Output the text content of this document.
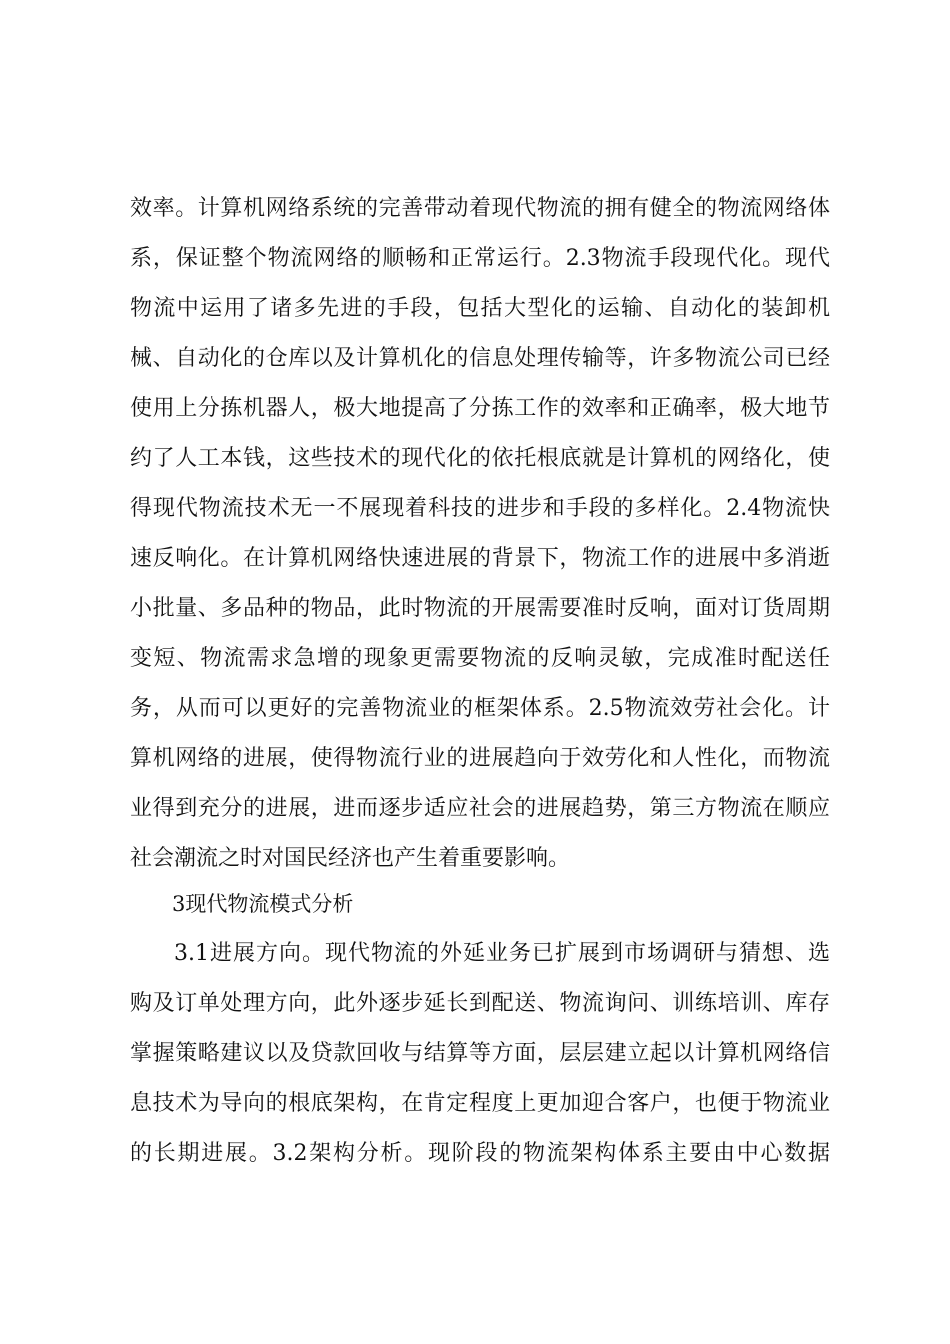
效率。计算机网络系统的完善带动着现代物流的拥有健全的物流网络体
系，保证整个物流网络的顺畅和正常运行。2.3物流手段现代化。现代
物流中运用了诸多先进的手段，包括大型化的运输、自动化的装卸机
械、自动化的仓库以及计算机化的信息处理传输等，许多物流公司已经
使用上分拣机器人，极大地提高了分拣工作的效率和正确率，极大地节
约了人工本钱，这些技术的现代化的依托根底就是计算机的网络化，使
得现代物流技术无一不展现着科技的进步和手段的多样化。2.4物流快
速反响化。在计算机网络快速进展的背景下，物流工作的进展中多消逝
小批量、多品种的物品，此时物流的开展需要准时反响，面对订货周期
变短、物流需求急增的现象更需要物流的反响灵敏，完成准时配送任
务，从而可以更好的完善物流业的框架体系。2.5物流效劳社会化。计
算机网络的进展，使得物流行业的进展趋向于效劳化和人性化，而物流
业得到充分的进展，进而逐步适应社会的进展趋势，第三方物流在顺应
社会潮流之时对国民经济也产生着重要影响。
3现代物流模式分析
3.1进展方向。现代物流的外延业务已扩展到市场调研与猜想、选
购及订单处理方向，此外逐步延长到配送、物流询问、训练培训、库存
掌握策略建议以及贷款回收与结算等方面，层层建立起以计算机网络信
息技术为导向的根底架构，在肯定程度上更加迎合客户，也便于物流业
的长期进展。3.2架构分析。现阶段的物流架构体系主要由中心数据
